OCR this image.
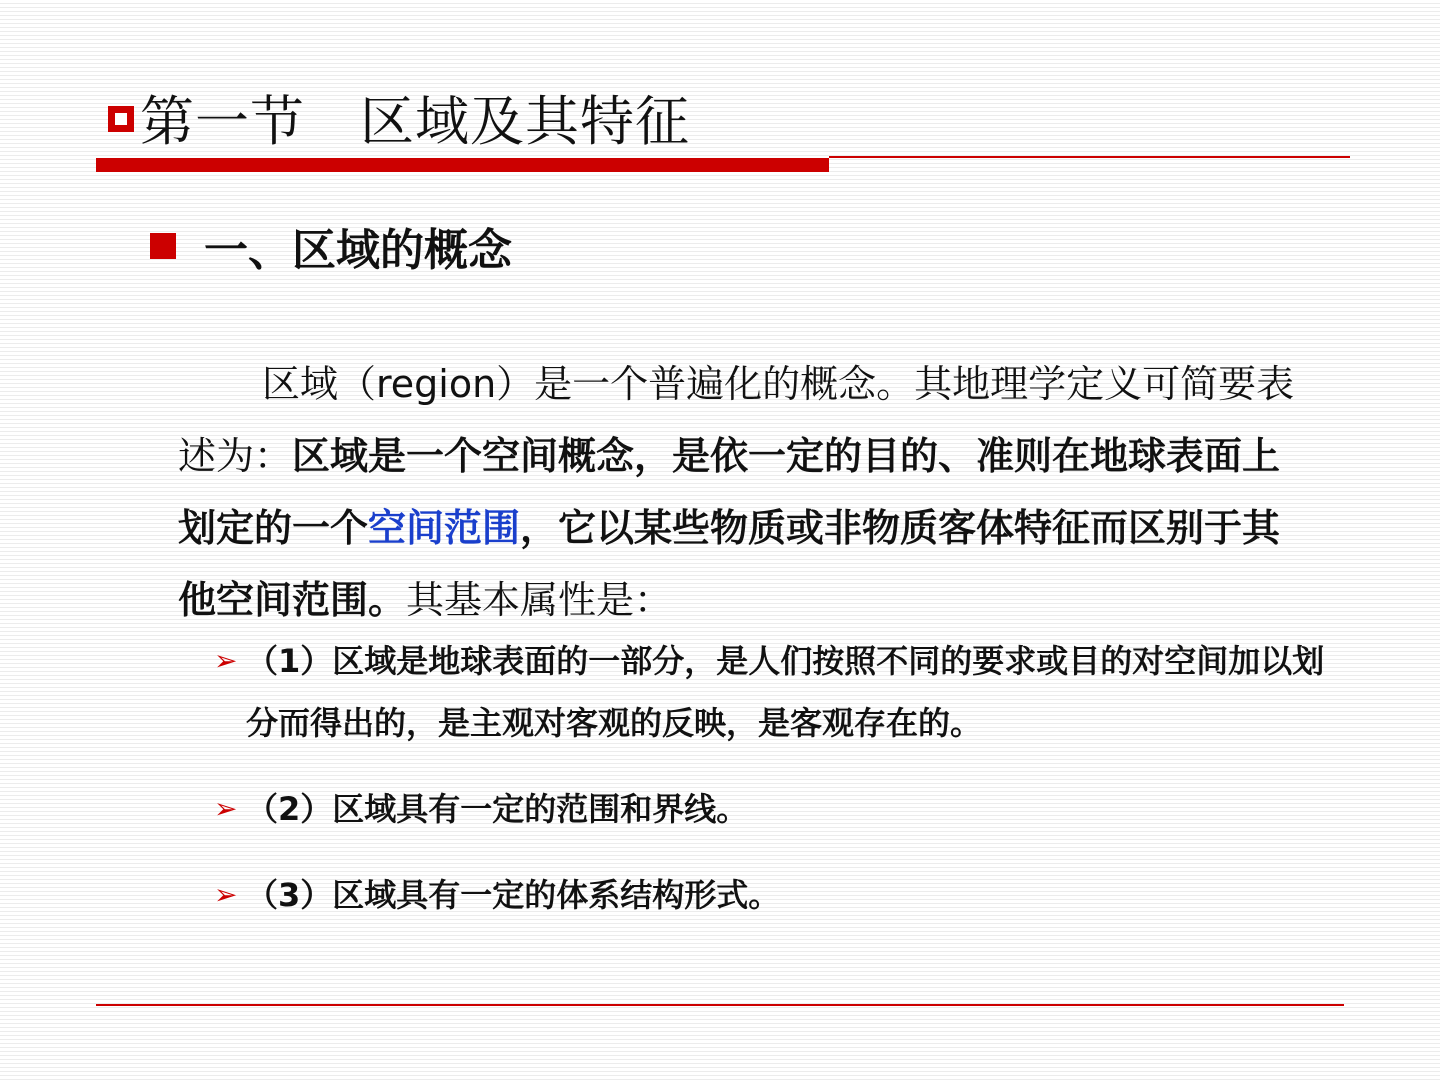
第一节　区域及其特征
一、区域的概念

区域（region）是一个普遍化的概念。其地理学定义可简要表述为：区域是一个空间概念，是依一定的目的、准则在地球表面上划定的一个空间范围，它以某些物质或非物质客体特征而区别于其他空间范围。其基本属性是：

➢ （1）区域是地球表面的一部分，是人们按照不同的要求或目的对空间加以划分而得出的，是主观对客观的反映，是客观存在的。
➢ （2）区域具有一定的范围和界线。
➢ （3）区域具有一定的体系结构形式。
